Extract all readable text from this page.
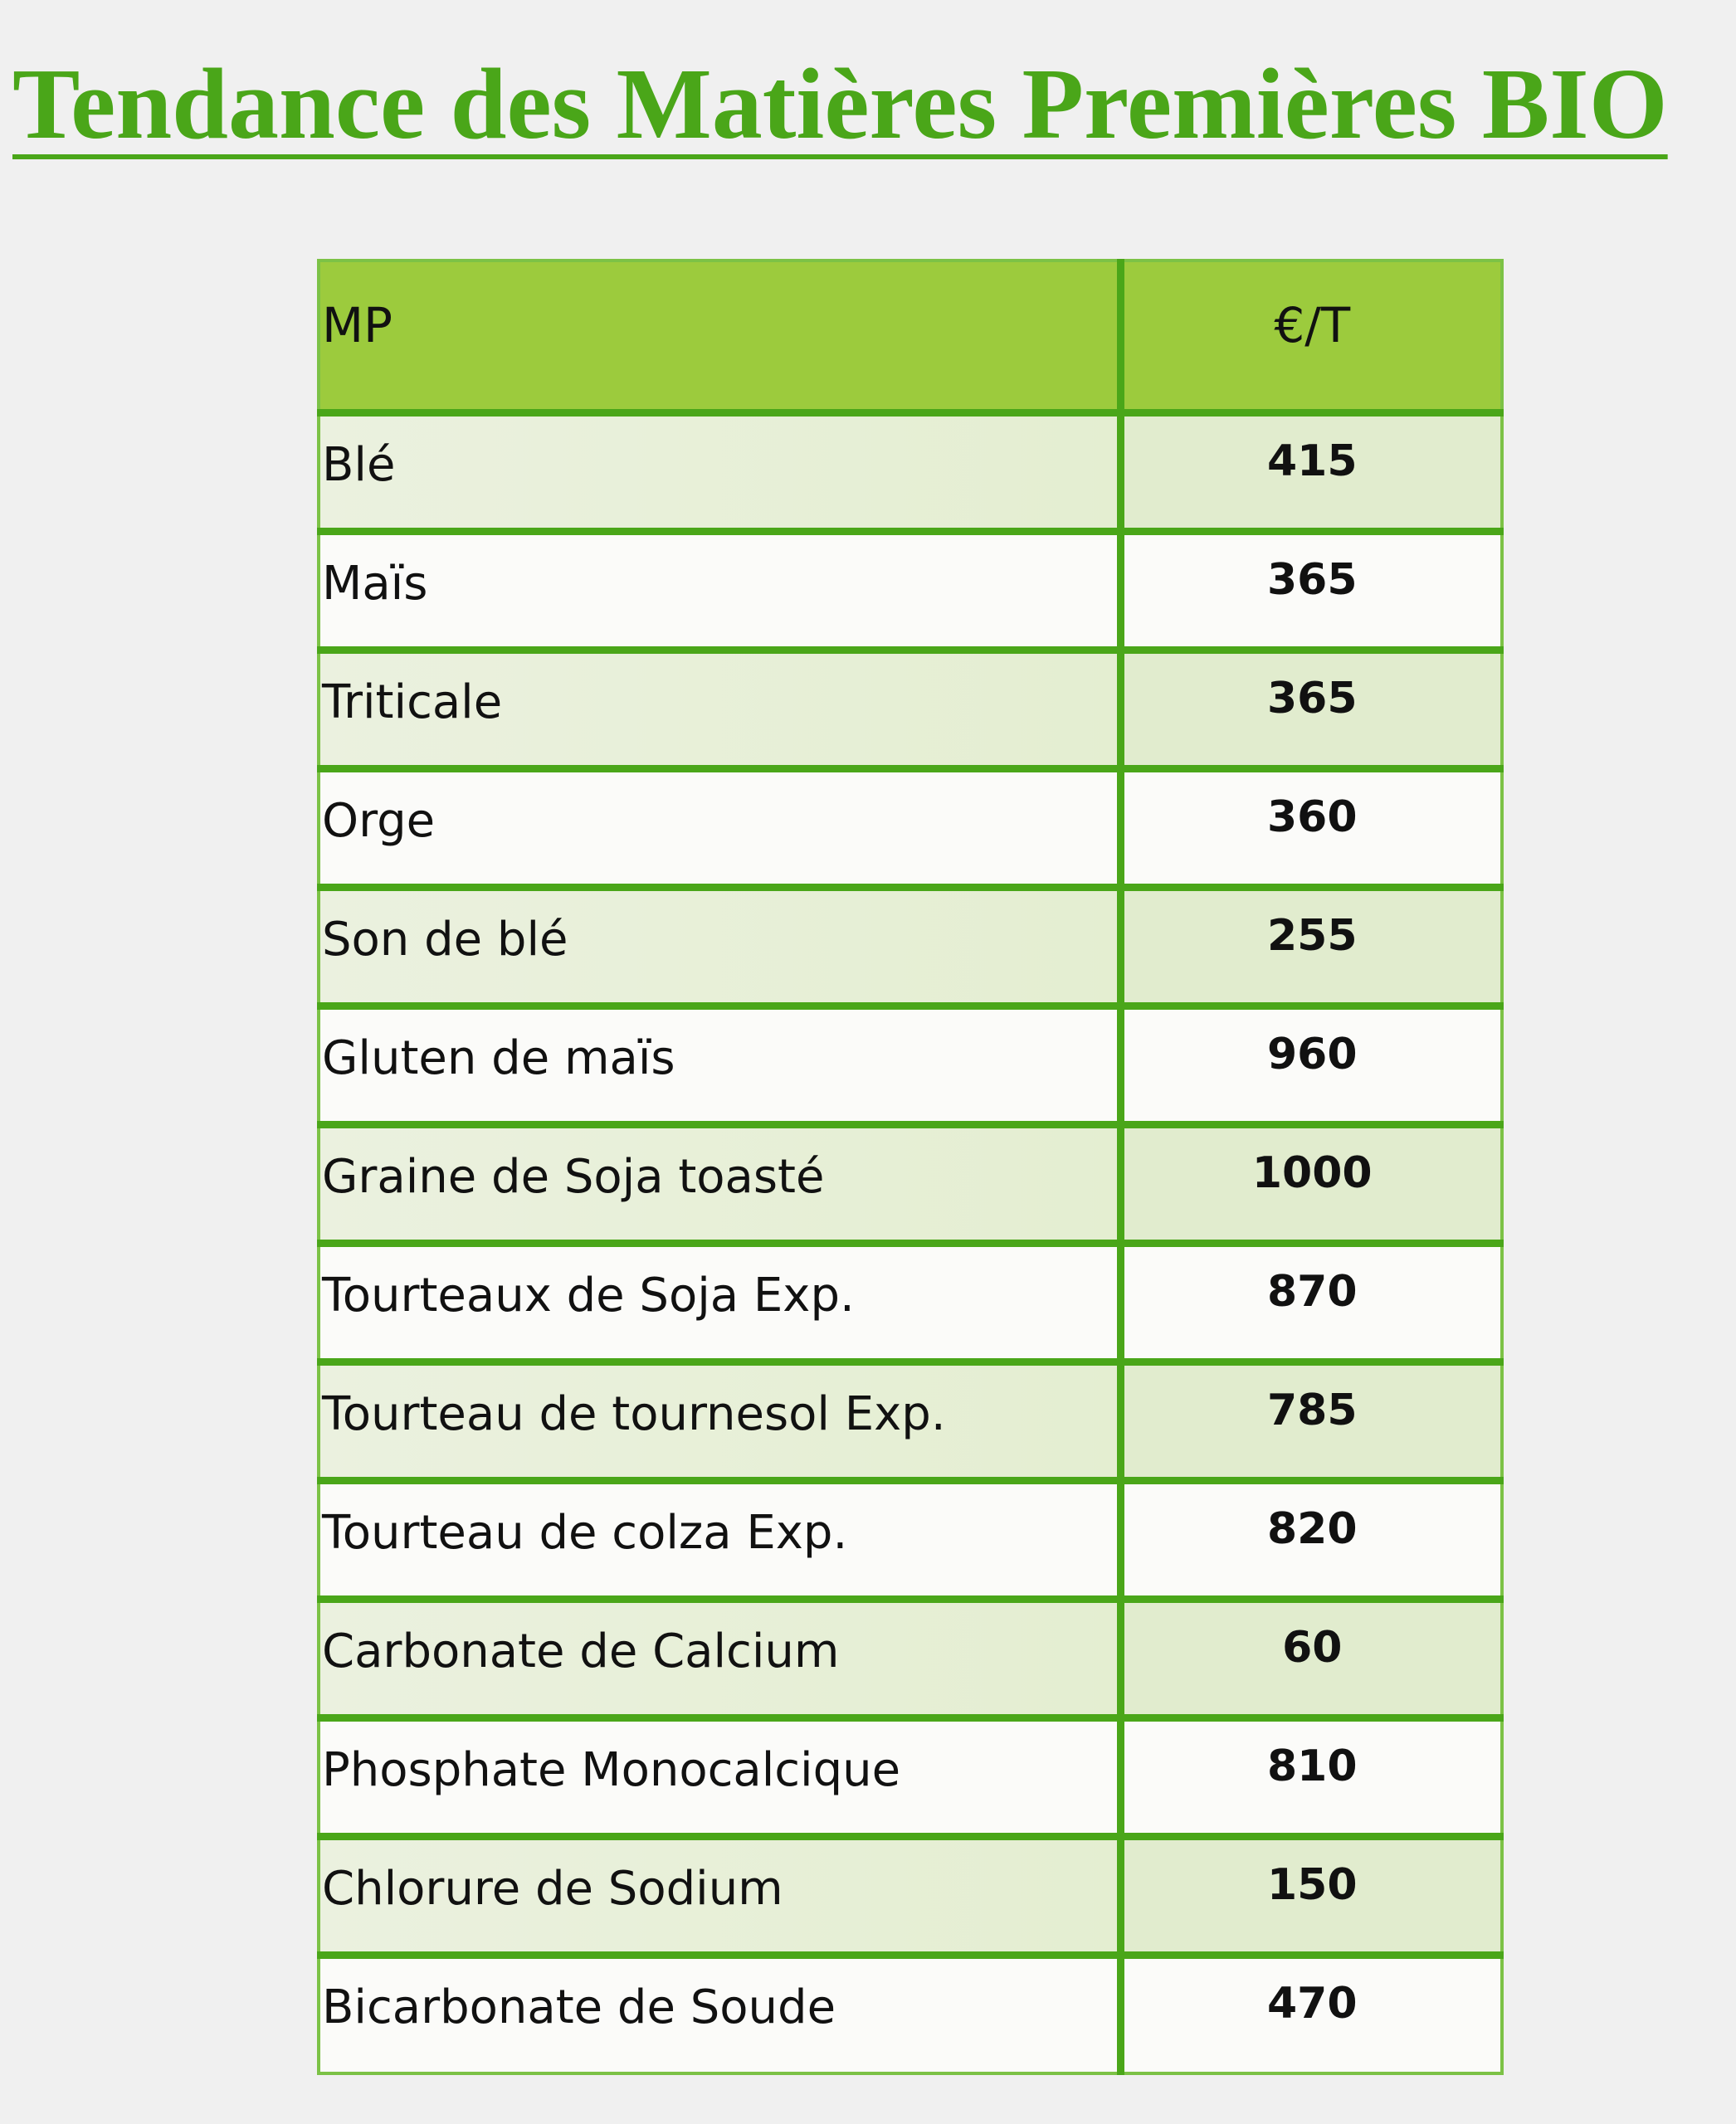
Tendance des Matières Premières BIO
MP	€/T
Blé	415
Maïs	365
Triticale	365
Orge	360
Son de blé	255
Gluten de maïs	960
Graine de Soja toasté	1000
Tourteaux de Soja Exp.	870
Tourteau de tournesol Exp.	785
Tourteau de colza Exp.	820
Carbonate de Calcium	60
Phosphate Monocalcique	810
Chlorure de Sodium	150
Bicarbonate de Soude	470
